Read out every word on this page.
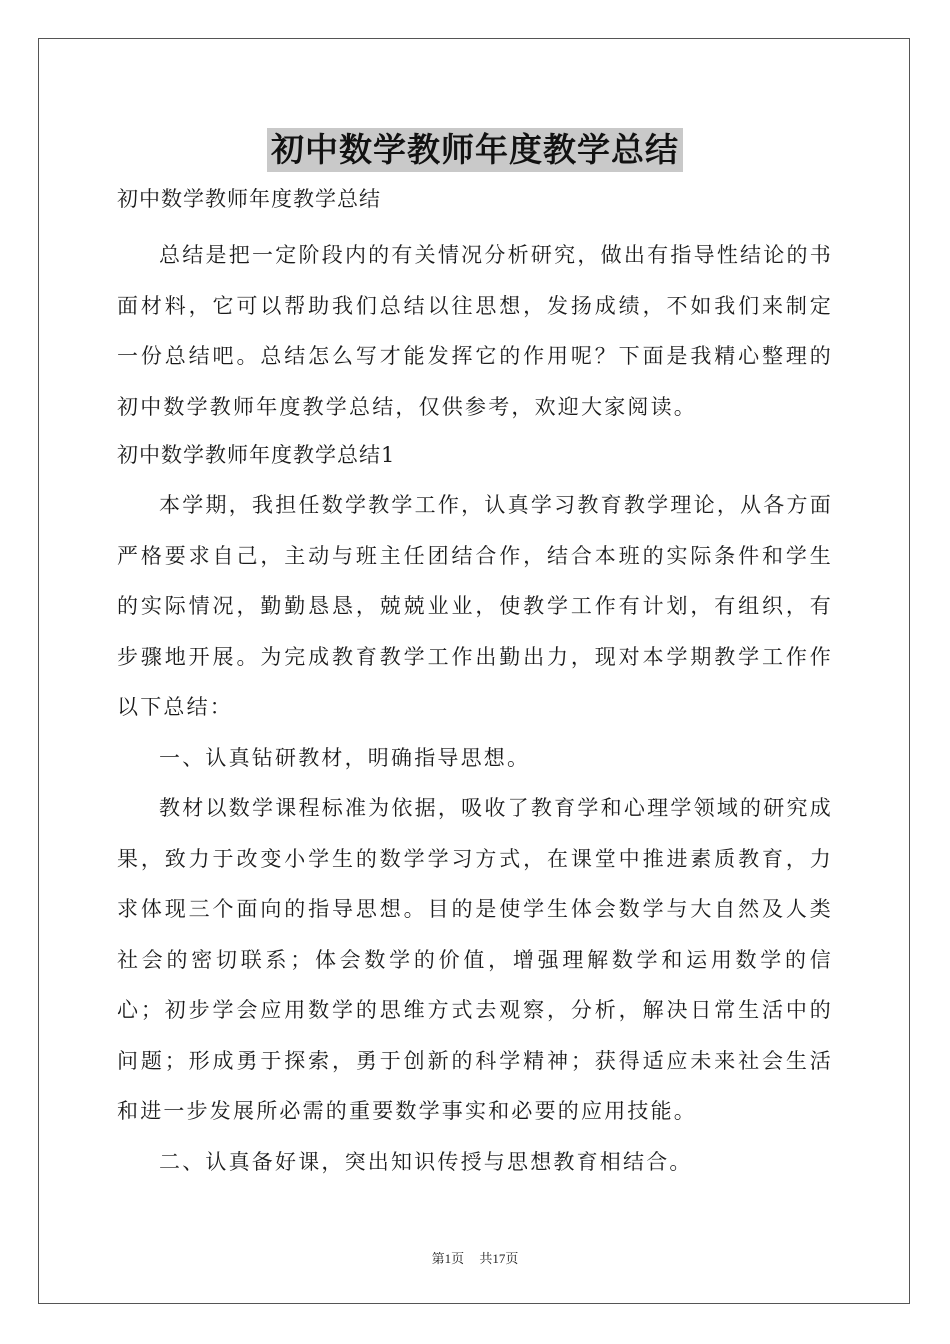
初中数学教师年度教学总结
初中数学教师年度教学总结

总结是把一定阶段内的有关情况分析研究，做出有指导性结论的书面材料，它可以帮助我们总结以往思想，发扬成绩，不如我们来制定一份总结吧。总结怎么写才能发挥它的作用呢？下面是我精心整理的初中数学教师年度教学总结，仅供参考，欢迎大家阅读。

初中数学教师年度教学总结1

本学期，我担任数学教学工作，认真学习教育教学理论，从各方面严格要求自己，主动与班主任团结合作，结合本班的实际条件和学生的实际情况，勤勤恳恳，兢兢业业，使教学工作有计划，有组织，有步骤地开展。为完成教育教学工作出勤出力，现对本学期教学工作作以下总结：

一、认真钻研教材，明确指导思想。

教材以数学课程标准为依据，吸收了教育学和心理学领域的研究成果，致力于改变小学生的数学学习方式，在课堂中推进素质教育，力求体现三个面向的指导思想。目的是使学生体会数学与大自然及人类社会的密切联系；体会数学的价值，增强理解数学和运用数学的信心；初步学会应用数学的思维方式去观察，分析，解决日常生活中的问题；形成勇于探索，勇于创新的科学精神；获得适应未来社会生活和进一步发展所必需的重要数学事实和必要的应用技能。

二、认真备好课，突出知识传授与思想教育相结合。

第1页 共17页
